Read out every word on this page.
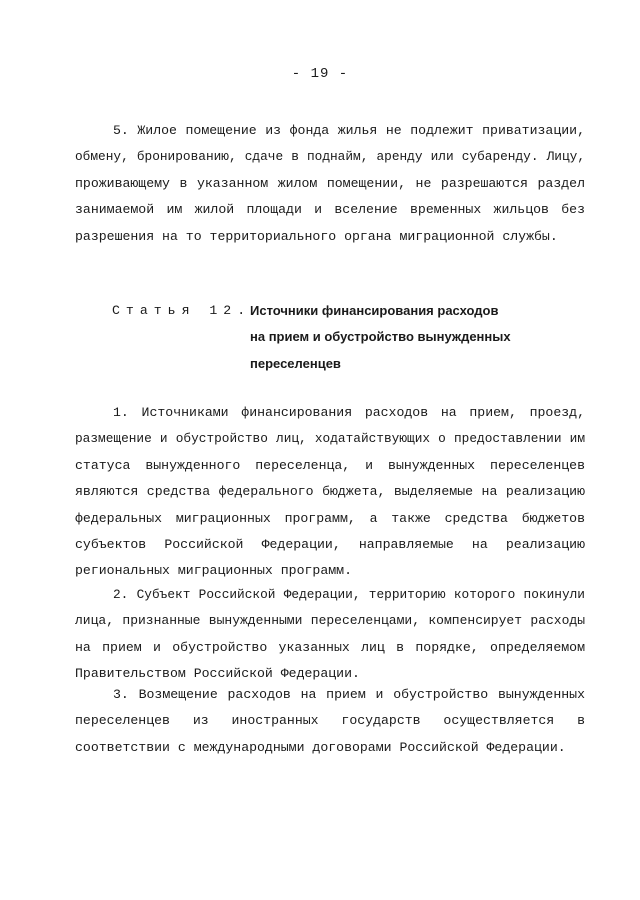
- 19 -
5. Жилое помещение из фонда жилья не подлежит приватизации,
обмену, бронированию, сдаче в поднайм, аренду или субаренду. Лицу,
проживающему в указанном жилом помещении, не разрешаются раздел
занимаемой им жилой площади и вселение временных жильцов без
разрешения на то территориального органа миграционной службы.
Статья 12.
Источники финансирования расходов
на прием и обустройство вынужденных
переселенцев
1. Источниками финансирования расходов на прием, проезд,
размещение и обустройство лиц, ходатайствующих о предоставлении им
статуса вынужденного переселенца, и вынужденных переселенцев
являются средства федерального бюджета, выделяемые на реализацию
федеральных миграционных программ, а также средства бюджетов
субъектов Российской Федерации, направляемые на реализацию
региональных миграционных программ.
2. Субъект Российской Федерации, территорию которого покинули
лица, признанные вынужденными переселенцами, компенсирует расходы
на прием и обустройство указанных лиц в порядке, определяемом
Правительством Российской Федерации.
3. Возмещение расходов на прием и обустройство вынужденных
переселенцев из иностранных государств осуществляется в
соответствии с международными договорами Российской Федерации.
